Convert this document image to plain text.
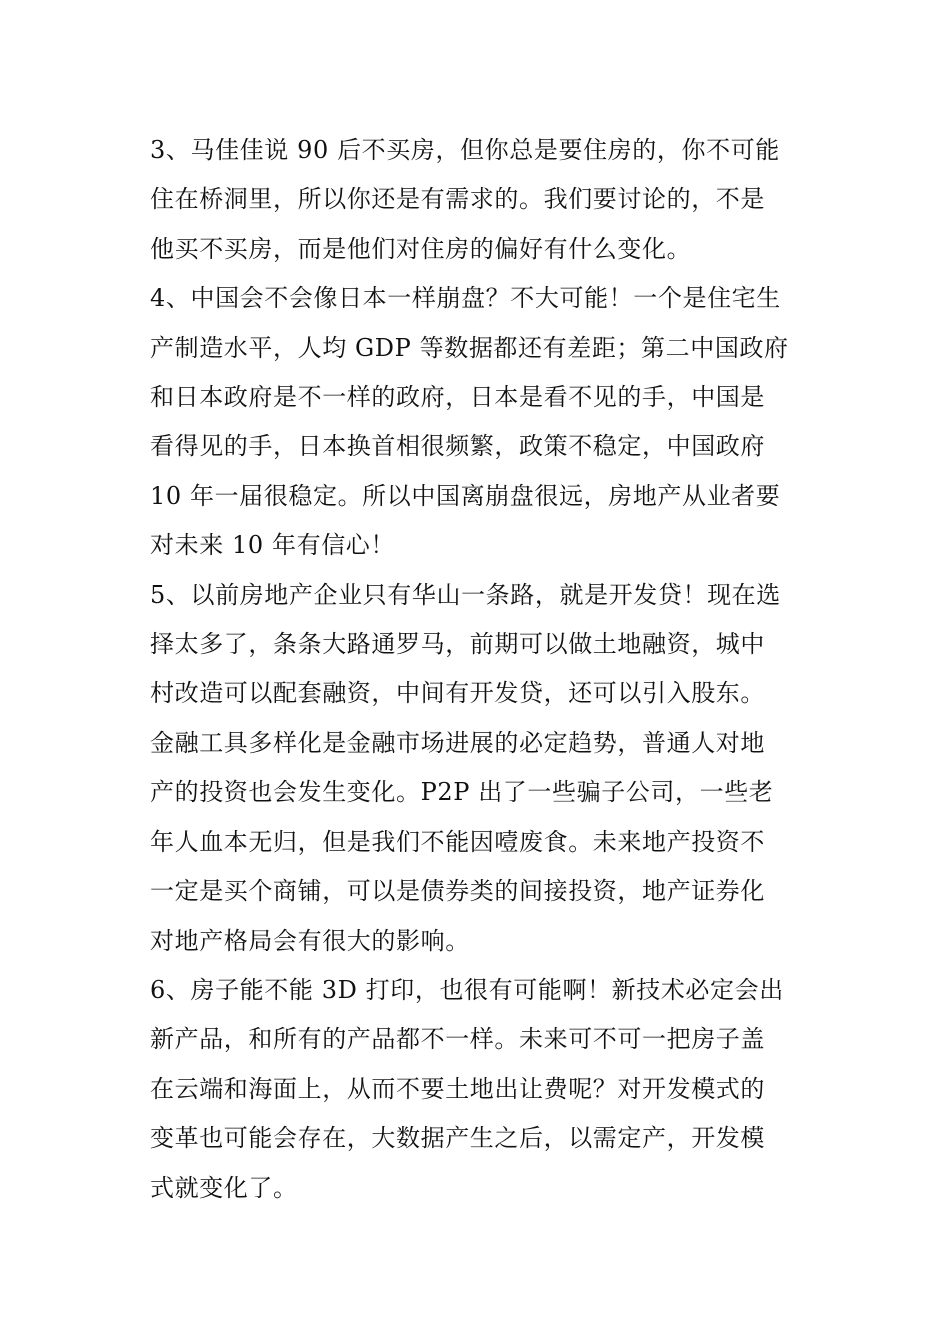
3、马佳佳说 90 后不买房，但你总是要住房的，你不可能
住在桥洞里，所以你还是有需求的。我们要讨论的，不是
他买不买房，而是他们对住房的偏好有什么变化。

4、中国会不会像日本一样崩盘？不大可能！一个是住宅生
产制造水平，人均 GDP 等数据都还有差距；第二中国政府
和日本政府是不一样的政府，日本是看不见的手，中国是
看得见的手，日本换首相很频繁，政策不稳定，中国政府
10 年一届很稳定。所以中国离崩盘很远，房地产从业者要
对未来 10 年有信心！

5、以前房地产企业只有华山一条路，就是开发贷！现在选
择太多了，条条大路通罗马，前期可以做土地融资，城中
村改造可以配套融资，中间有开发贷，还可以引入股东。
金融工具多样化是金融市场进展的必定趋势，普通人对地
产的投资也会发生变化。P2P 出了一些骗子公司，一些老
年人血本无归，但是我们不能因噎废食。未来地产投资不
一定是买个商铺，可以是债券类的间接投资，地产证券化
对地产格局会有很大的影响。

6、房子能不能 3D 打印，也很有可能啊！新技术必定会出
新产品，和所有的产品都不一样。未来可不可一把房子盖
在云端和海面上，从而不要土地出让费呢？对开发模式的
变革也可能会存在，大数据产生之后，以需定产，开发模
式就变化了。
